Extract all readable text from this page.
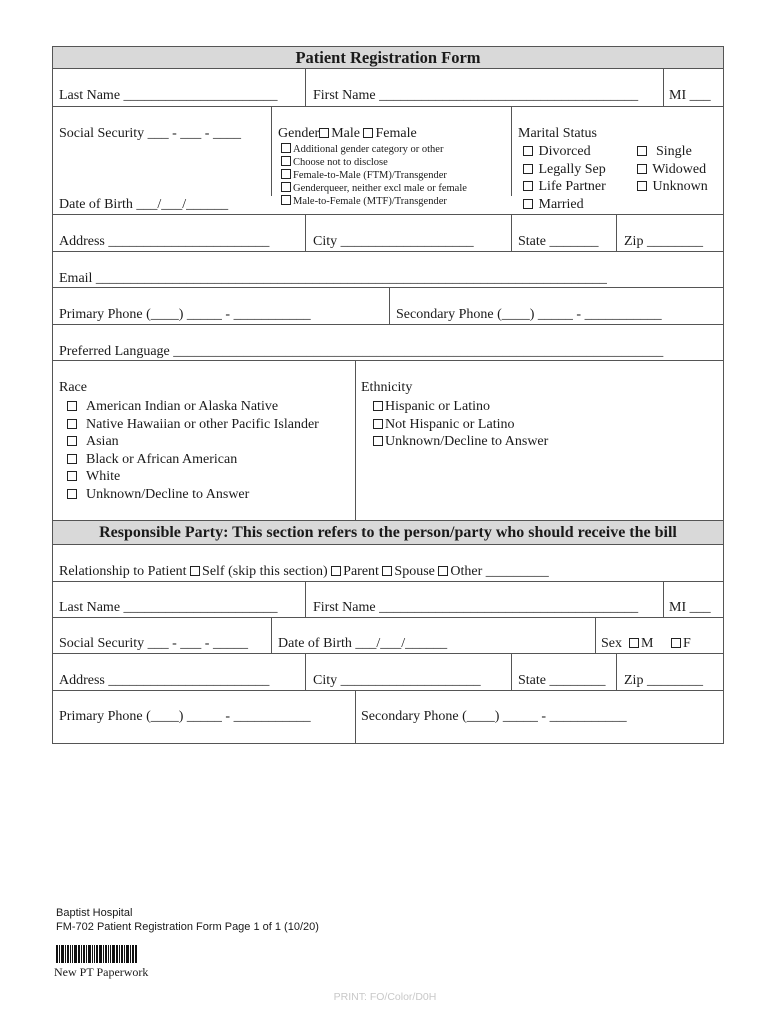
Patient Registration Form
Last Name ______________________	First Name _____________________________________ MI ___
Social Security ___ - ___ - ____
Date of Birth ___/___/______
Gender Male Female
Additional gender category or other
Choose not to disclose
Female-to-Male (FTM)/Transgender
Genderqueer, neither excl male or female
Male-to-Female (MTF)/Transgender
Marital Status
Divorced
Legally Sep
Life Partner
Married
Single
Widowed
Unknown
Address _______________________	City ___________________	State _______ Zip ________
Email _________________________________________________________________________
Primary Phone (____) _____ - ___________	Secondary Phone (____) _____ - ___________
Preferred Language ______________________________________________________________________
Race
American Indian or Alaska Native
Native Hawaiian or other Pacific Islander
Asian
Black or African American
White
Unknown/Decline to Answer
Ethnicity
Hispanic or Latino
Not Hispanic or Latino
Unknown/Decline to Answer
Responsible Party: This section refers to the person/party who should receive the bill
Relationship to Patient Self (skip this section) Parent Spouse Other _________
Last Name ______________________	First Name _____________________________________ MI ___
Social Security ___ - ___ - _____ Date of Birth ___/___/______	Sex M F
Address _______________________	City ____________________	State ________ Zip ________
Primary Phone (____) _____ - ___________	Secondary Phone (____) _____ - ___________
Baptist Hospital
FM-702 Patient Registration Form Page 1 of 1 (10/20)
New PT Paperwork
PRINT: FO/Color/D0H
